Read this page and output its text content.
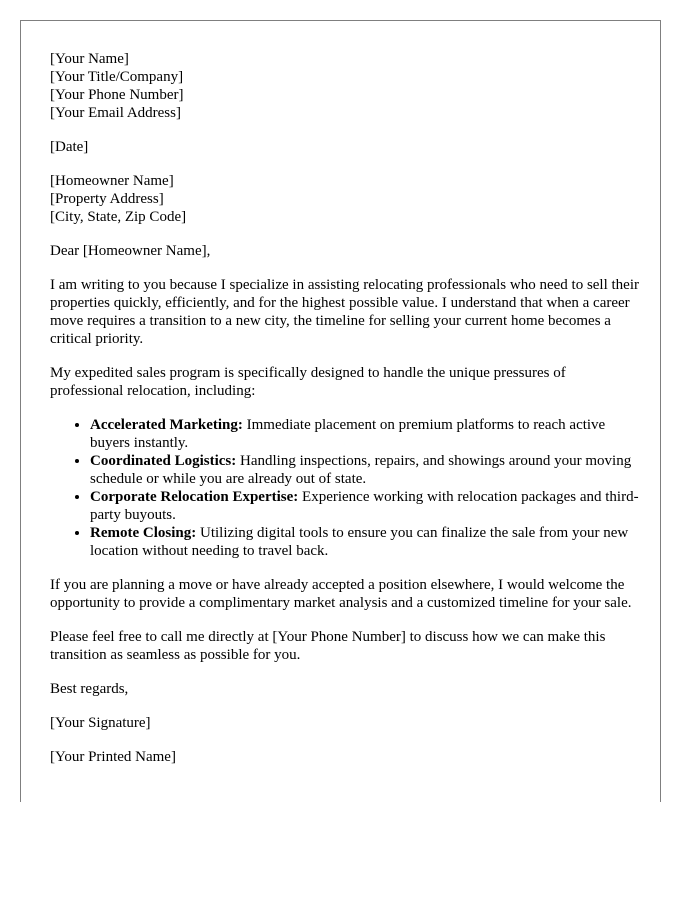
[Your Name]
[Your Title/Company]
[Your Phone Number]
[Your Email Address]

[Date]

[Homeowner Name]
[Property Address]
[City, State, Zip Code]

Dear [Homeowner Name],

I am writing to you because I specialize in assisting relocating professionals who need to sell their properties quickly, efficiently, and for the highest possible value. I understand that when a career move requires a transition to a new city, the timeline for selling your current home becomes a critical priority.

My expedited sales program is specifically designed to handle the unique pressures of professional relocation, including:

• Accelerated Marketing: Immediate placement on premium platforms to reach active buyers instantly.
• Coordinated Logistics: Handling inspections, repairs, and showings around your moving schedule or while you are already out of state.
• Corporate Relocation Expertise: Experience working with relocation packages and third-party buyouts.
• Remote Closing: Utilizing digital tools to ensure you can finalize the sale from your new location without needing to travel back.

If you are planning a move or have already accepted a position elsewhere, I would welcome the opportunity to provide a complimentary market analysis and a customized timeline for your sale.

Please feel free to call me directly at [Your Phone Number] to discuss how we can make this transition as seamless as possible for you.

Best regards,

[Your Signature]

[Your Printed Name]
